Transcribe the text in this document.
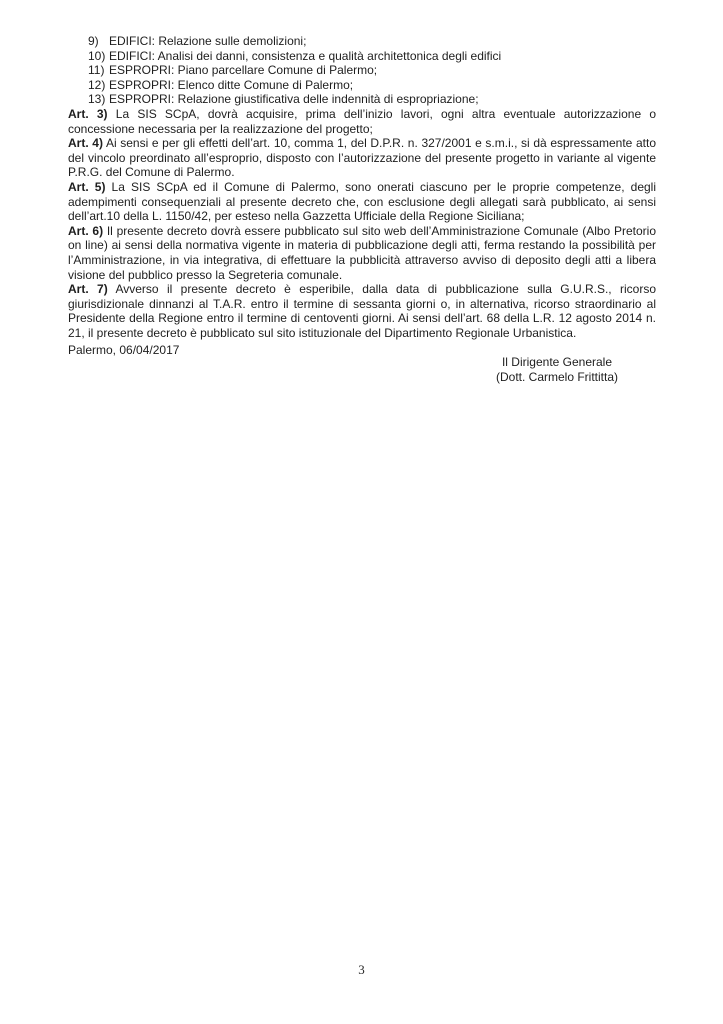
9) EDIFICI: Relazione sulle demolizioni;
10) EDIFICI: Analisi dei danni, consistenza e qualità architettonica degli edifici
11) ESPROPRI: Piano parcellare Comune di Palermo;
12) ESPROPRI: Elenco ditte Comune di Palermo;
13) ESPROPRI: Relazione giustificativa delle indennità di espropriazione;

Art. 3) La SIS SCpA, dovrà acquisire, prima dell’inizio lavori, ogni altra eventuale autorizzazione o concessione necessaria per la realizzazione del progetto;

Art. 4) Ai sensi e per gli effetti dell’art. 10, comma 1, del D.P.R. n. 327/2001 e s.m.i., si dà espressamente atto del vincolo preordinato all’esproprio, disposto con l’autorizzazione del presente progetto in variante al vigente P.R.G. del Comune di Palermo.

Art. 5) La SIS SCpA ed il Comune di Palermo, sono onerati ciascuno per le proprie competenze, degli adempimenti consequenziali al presente decreto che, con esclusione degli allegati sarà pubblicato, ai sensi dell’art.10 della L. 1150/42, per esteso nella Gazzetta Ufficiale della Regione Siciliana;

Art. 6) Il presente decreto dovrà essere pubblicato sul sito web dell’Amministrazione Comunale (Albo Pretorio on line) ai sensi della normativa vigente in materia di pubblicazione degli atti, ferma restando la possibilità per l’Amministrazione, in via integrativa, di effettuare la pubblicità attraverso avviso di deposito degli atti a libera visione del pubblico presso la Segreteria comunale.

Art. 7) Avverso il presente decreto è esperibile, dalla data di pubblicazione sulla G.U.R.S., ricorso giurisdizionale dinnanzi al T.A.R. entro il termine di sessanta giorni o, in alternativa, ricorso straordinario al Presidente della Regione entro il termine di centoventi giorni. Ai sensi dell’art. 68 della L.R. 12 agosto 2014 n. 21, il presente decreto è pubblicato sul sito istituzionale del Dipartimento Regionale Urbanistica.

Palermo, 06/04/2017
Il Dirigente Generale
(Dott. Carmelo Frittitta)
3
